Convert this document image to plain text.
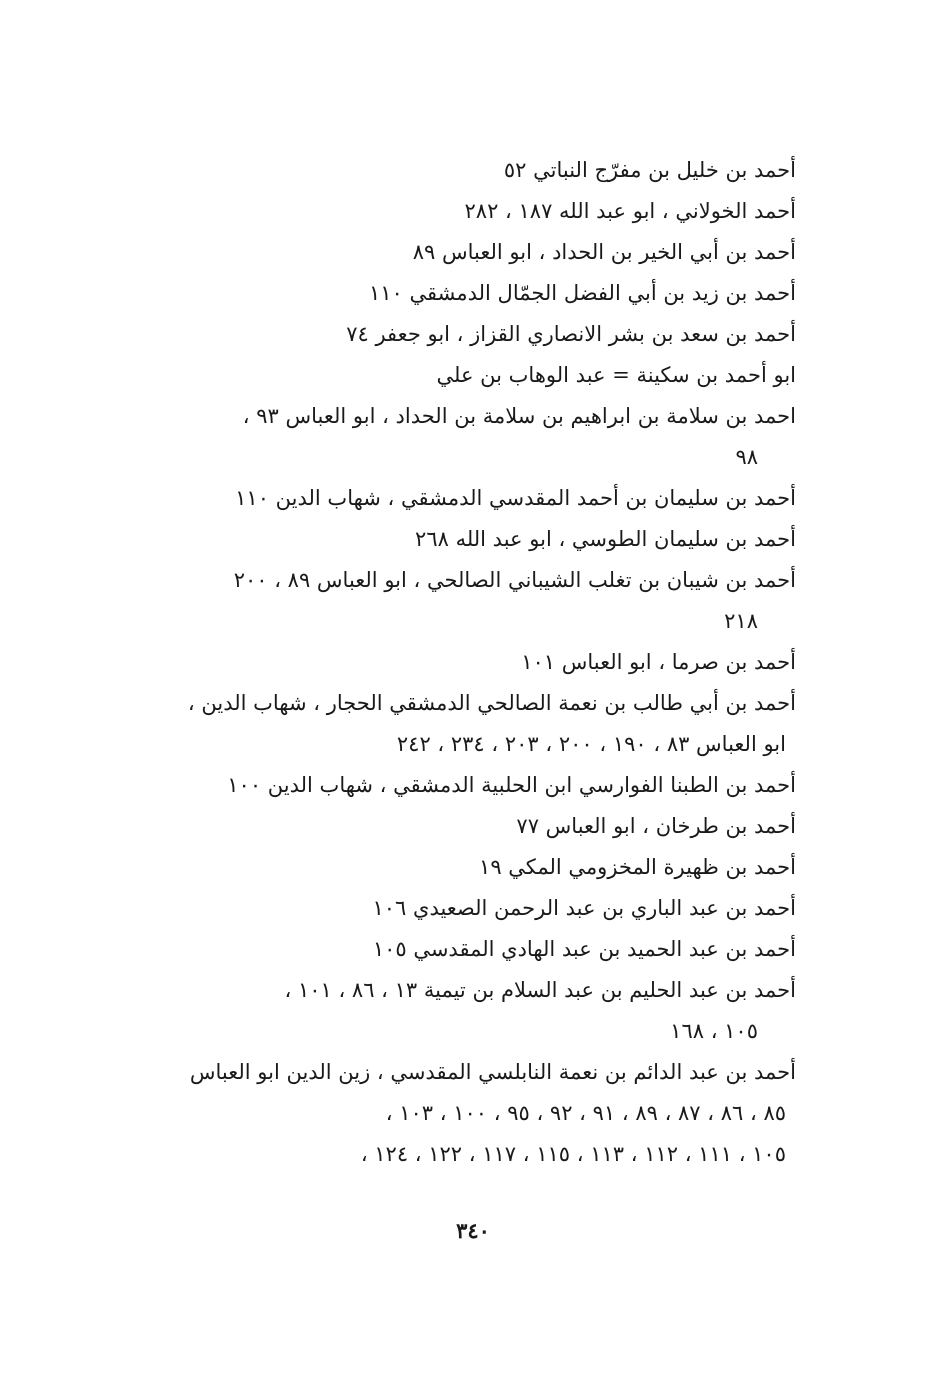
أحمد بن خليل بن مفرّج النباتي ٥٢
أحمد الخولاني ، ابو عبد الله ١٨٧ ، ٢٨٢
أحمد بن أبي الخير بن الحداد ، ابو العباس ٨٩
أحمد بن زيد بن أبي الفضل الجمّال الدمشقي ١١٠
أحمد بن سعد بن بشر الانصاري القزاز ، ابو جعفر ٧٤
ابو أحمد بن سكينة = عبد الوهاب بن علي
احمد بن سلامة بن ابراهيم بن سلامة بن الحداد ، ابو العباس ٩٣ ،
٩٨
أحمد بن سليمان بن أحمد المقدسي الدمشقي ، شهاب الدين ١١٠
أحمد بن سليمان الطوسي ، ابو عبد الله ٢٦٨
أحمد بن شيبان بن تغلب الشيباني الصالحي ، ابو العباس ٨٩ ، ٢٠٠
٢١٨
أحمد بن صرما ، ابو العباس ١٠١
أحمد بن أبي طالب بن نعمة الصالحي الدمشقي الحجار ، شهاب الدين ،
ابو العباس ٨٣ ، ١٩٠ ، ٢٠٠ ، ٢٠٣ ، ٢٣٤ ، ٢٤٢
أحمد بن الطبنا الفوارسي ابن الحلبية الدمشقي ، شهاب الدين ١٠٠
أحمد بن طرخان ، ابو العباس ٧٧
أحمد بن ظهيرة المخزومي المكي ١٩
أحمد بن عبد الباري بن عبد الرحمن الصعيدي ١٠٦
أحمد بن عبد الحميد بن عبد الهادي المقدسي ١٠٥
أحمد بن عبد الحليم بن عبد السلام بن تيمية ١٣ ، ٨٦ ، ١٠١ ،
١٠٥ ، ١٦٨
أحمد بن عبد الدائم بن نعمة النابلسي المقدسي ، زين الدين ابو العباس
٨٥ ، ٨٦ ، ٨٧ ، ٨٩ ، ٩١ ، ٩٢ ، ٩٥ ، ١٠٠ ، ١٠٣ ،
١٠٥ ، ١١١ ، ١١٢ ، ١١٣ ، ١١٥ ، ١١٧ ، ١٢٢ ، ١٢٤ ،
٣٤٠
